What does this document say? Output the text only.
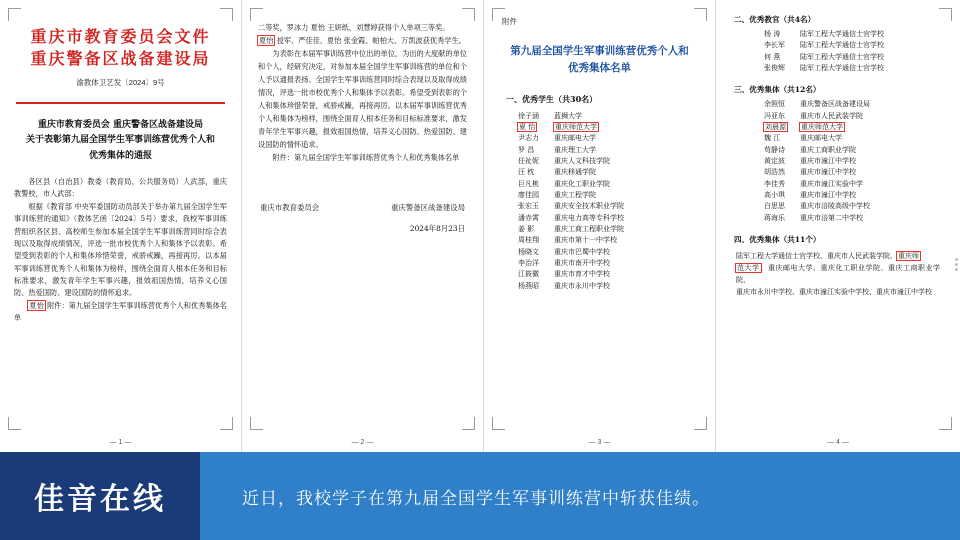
重庆市教育委员会文件
重庆警备区战备建设局
渝教体卫艺发〔2024〕9号
重庆市教育委员会 重庆警备区战备建设局
关于表彰第九届全国学生军事训练营优秀个人和
优秀集体的通报
各区县（自治县）教委（教育局、公共服务局）人武部，重庆教警校，市人武部：
根据《教育部 中央军委国防动员部关于举办第九届全国学生军事训练营的通知》（教体艺函〔2024〕5号）要求，我校军事训练营组织各区县、高校师生参加本届全国学生军事训练营同时综合表现以及取得成绩情况，评选一批市校优秀个人和集体予以表彰。希望受到表彰的个人和集体珍惜荣誉，戒骄戒躁，再接再厉。以本届军事训练营优秀个人和集体为榜样，围绕全面育人根本任务和目标标准要求，激发青年学生军事兴趣，报效祖国热情，培养义心国防、热爱国防、建设国防的情怀追求。
夏怡 附件：第九届全国学生军事训练营优秀个人和优秀集体名单
— 1 —
二等奖，罗冰力 夏怡 王妍纸、刘慧婷获得个人单项三等奖。
夏怡 授军、严佳佳、夏怡 张金霞、帕柏大、万凯波获优秀学生。
为表彰在本届军事训练营中位出的单位，为出的大度献的单位和个人，经研究决定，对参加本届全国学生军事训练营的单位和个人予以通报表扬。全国学生军事训练营同时综合表现以及取得成绩情况，评选一批市校优秀个人和集体予以表彰。希望受到表彰的个人和集体珍惜荣誉，戒骄戒躁，再接再厉。以本届军事训练营优秀个人和集体为榜样，围绕全面育人根本任务和目标标准要求，激发青年学生军事兴趣，报效祖国热情，培养义心国防、热爱国防、建设国防的情怀追求。
附件：第九届全国学生军事训练营优秀个人和优秀集体名单
重庆市教育委员会	重庆警备区战备建设局
2024年8月23日
— 2 —
附件
第九届全国学生军事训练营优秀个人和
优秀集体名单
一、优秀学生（共30名）
徐子涵	蓝狮大学
夏 怡	重庆师范大学
尹志力	重庆邮电大学
罗 昌	重庆理工大学
任祉妮	重庆人文科技学院
汪 枕	重庆移通学院
巨凡桃	重庆化工职业学院
廖佳园	重庆工程学院
张宏玉	重庆安全技术职业学院
潘赤霄	重庆电力高等专科学校
姜 影	重庆工商工程职业学院
周桂翔	重庆市第十一中学校
杨晓文	重庆市巴蜀中学校
李治洋	重庆市南开中学校
江筱徽	重庆市育才中学校
杨燕昭	重庆市永川中学校
— 3 —
二、优秀教官（共4名）
杨 涛	陆军工程大学通信士官学校
李长军	陆军工程大学通信士官学校
何 燕	陆军工程大学通信士官学校
张俊辉	陆军工程大学通信士官学校
三、优秀集体（共12名）
余照恒	重庆警备区战备建设局
冯亚东	重庆市人民武装学院
刘晨源	重庆师范大学
魏 江	重庆邮电大学
苟静诗	重庆工商职业学院
黄定波	重庆市潼江中学校
胡浩然	重庆市潼江中学校
李佳秀	重庆市潼江实验中学
高小琪	重庆市潼江中学校
白思思	重庆市涪陵高级中学校
蒋海乐	重庆市涪第二中学校
四、优秀集体（共11个）
陆军工程大学通信士官学校、重庆市人民武装学院、重庆师
范大学、重庆邮电大学、重庆化工职业学院、重庆工商职业学院、
重庆市永川中学校、重庆市潼江实验中学校、重庆市潼江中学校
— 4 —
佳音在线	近日，我校学子在第九届全国学生军事训练营中斩获佳绩。
